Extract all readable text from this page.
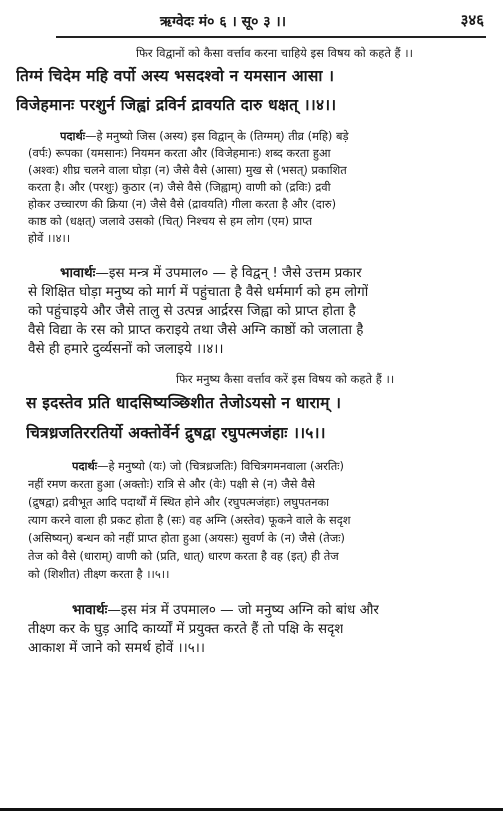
ऋग्वेदः मं० ६ । सू० ३ ।।	३४६
फिर विद्वानों को कैसा वर्त्ताव करना चाहिये इस विषय को कहते हैं ।।
तिग्मं चिदेम महि वर्पो अस्य भसदश्वो न यमसान आसा ।
विजेहमानः परशुर्न जिह्वां द्रविर्न द्रावयति दारु धक्षत् ।।४।।
पदार्थः—हे मनुष्यो जिस (अस्य) इस विद्वान् के (तिग्मम्) तीव्र (महि) बड़े
(वर्पः) रूपका (यमसानः) नियमन करता और (विजेहमानः) शब्द करता हुआ
(अश्वः) शीघ्र चलने वाला घोड़ा (न) जैसे वैसे (आसा) मुख से (भसत्) प्रकाशित
करता है। और (परशुः) कुठार (न) जैसे वैसे (जिह्वाम्) वाणी को (द्रविः) द्रवी
होकर उच्चारण की क्रिया (न) जैसे वैसे (द्रावयति) गीला करता है और (दारु)
काष्ठ को (धक्षत्) जलावे उसको (चित्) निश्चय से हम लोग (एम) प्राप्त
होवें ।।४।।
भावार्थः—इस मन्त्र में उपमाल० — हे विद्वन् ! जैसे उत्तम प्रकार
से शिक्षित घोड़ा मनुष्य को मार्ग में पहुंचाता है वैसे धर्ममार्ग को हम लोगों
को पहुंचाइये और जैसे तालु से उत्पन्न आर्द्ररस जिह्वा को प्राप्त होता है
वैसे विद्या के रस को प्राप्त कराइये तथा जैसे अग्नि काष्ठों को जलाता है
वैसे ही हमारे दुर्व्यसनों को जलाइये ।।४।।
फिर मनुष्य कैसा वर्त्ताव करें इस विषय को कहते हैं ।।
स इदस्तेव प्रति धादसिष्यञ्छिशीत तेजोऽयसो न धाराम् ।
चित्रध्रजतिररतिर्यो अक्तोर्वेर्न द्रुषद्वा रघुपत्मजंहाः ।।५।।
पदार्थः—हे मनुष्यो (यः) जो (चित्रध्रजतिः) विचित्रगमनवाला (अरतिः)
नहीं रमण करता हुआ (अक्तोः) रात्रि से और (वेः) पक्षी से (न) जैसे वैसे
(द्रुषद्वा) द्रवीभूत आदि पदार्थों में स्थित होने और (रघुपत्मजंहाः) लघुपतनका
त्याग करने वाला ही प्रकट होता है (सः) वह अग्नि (अस्तेव) फूकने वाले के सदृश
(असिष्यन्) बन्धन को नहीं प्राप्त होता हुआ (अयसः) सुवर्ण के (न) जैसे (तेजः)
तेज को वैसे (धाराम्) वाणी को (प्रति, धात्) धारण करता है वह (इत्) ही तेज
को (शिशीत) तीक्ष्ण करता है ।।५।।
भावार्थः—इस मंत्र में उपमाल० — जो मनुष्य अग्नि को बांध और
तीक्ष्ण कर के घुड़ आदि कार्य्यों में प्रयुक्त करते हैं तो पक्षि के सदृश
आकाश में जाने को समर्थ होवें ।।५।।
